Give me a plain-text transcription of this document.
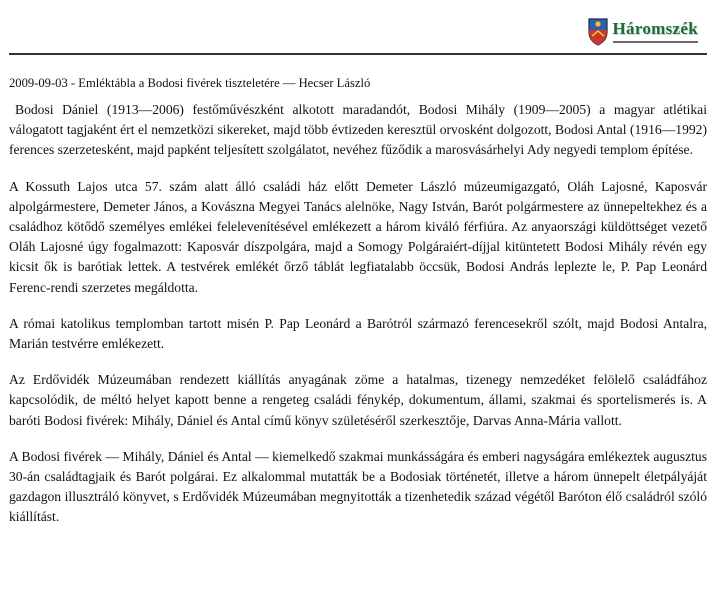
Háromszék
2009-09-03 - Emléktábla a Bodosi fivérek tiszteletére — Hecser László

Bodosi Dániel (1913—2006) festőművészként alkotott maradandót, Bodosi Mihály (1909—2005) a magyar atlétikai válogatott tagjaként ért el nemzetközi sikereket, majd több évtizeden keresztül orvosként dolgozott, Bodosi Antal (1916—1992) ferences szerzetesként, majd papként teljesített szolgálatot, nevéhez fűződik a marosvásárhelyi Ady negyedi templom építése.

A Kossuth Lajos utca 57. szám alatt álló családi ház előtt Demeter László múzeumigazgató, Oláh Lajosné, Kaposvár alpolgármestere, Demeter János, a Kovászna Megyei Tanács alelnöke, Nagy István, Barót polgármestere az ünnepeltekhez és a családhoz kötődő személyes emlékei felelevenítésével emlékezett a három kiváló férfiúra. Az anyaországi küldöttséget vezető Oláh Lajosné úgy fogalmazott: Kaposvár díszpolgára, majd a Somogy Polgáraiért-díjjal kitüntetett Bodosi Mihály révén egy kicsit ők is barótiak lettek. A testvérek emlékét őrző táblát legfiatalabb öccsük, Bodosi András leplezte le, P. Pap Leonárd Ferenc-rendi szerzetes megáldotta.

A római katolikus templomban tartott misén P. Pap Leonárd a Barótról származó ferencesekről szólt, majd Bodosi Antalra, Marián testvérre emlékezett.

Az Erdővidék Múzeumában rendezett kiállítás anyagának zöme a hatalmas, tizenegy nemzedéket felölelő családfához kapcsolódik, de méltó helyet kapott benne a rengeteg családi fénykép, dokumentum, állami, szakmai és sportelismerés is. A baróti Bodosi fivérek: Mihály, Dániel és Antal című könyv születéséről szerkesztője, Darvas Anna-Mária vallott.

A Bodosi fivérek — Mihály, Dániel és Antal — kiemelkedő szakmai munkásságára és emberi nagyságára emlékeztek augusztus 30-án családtagjaik és Barót polgárai. Ez alkalommal mutatták be a Bodosiak történetét, illetve a három ünnepelt életpályáját gazdagon illusztráló könyvet, s Erdővidék Múzeumában megnyitották a tizenhetedik század végétől Baróton élő családról szóló kiállítást.
